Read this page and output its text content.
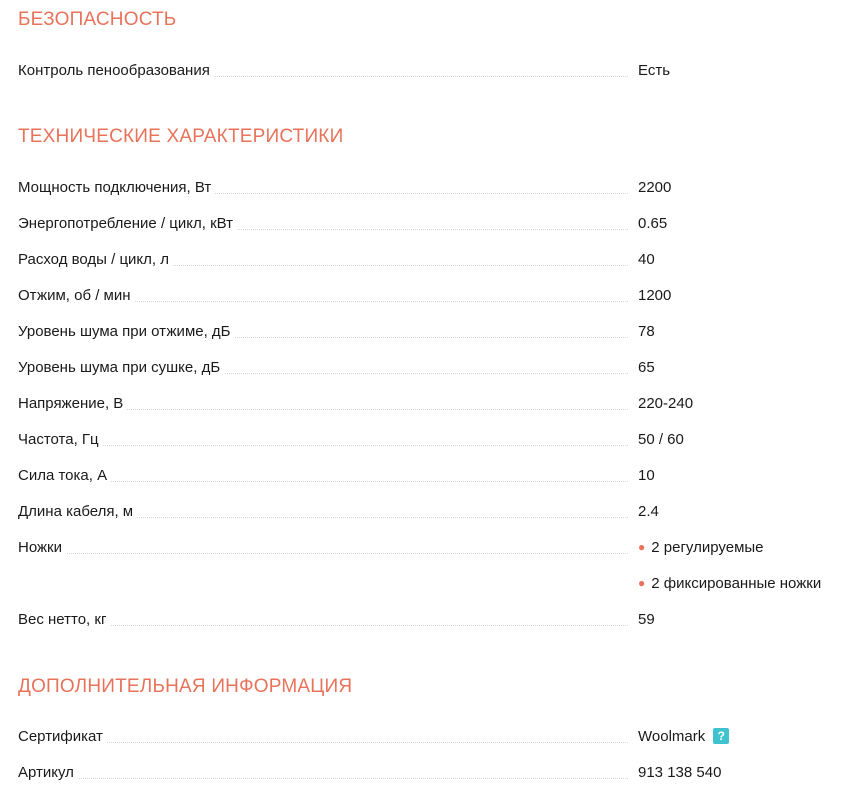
БЕЗОПАСНОСТЬ
Контроль пенообразования	Есть
ТЕХНИЧЕСКИЕ ХАРАКТЕРИСТИКИ
Мощность подключения, Вт	2200
Энергопотребление / цикл, кВт	0.65
Расход воды / цикл, л	40
Отжим, об / мин	1200
Уровень шума при отжиме, дБ	78
Уровень шума при сушке, дБ	65
Напряжение, В	220-240
Частота, Гц	50 / 60
Сила тока, А	10
Длина кабеля, м	2.4
Ножки	● 2 регулируемые
● 2 фиксированные ножки
Вес нетто, кг	59
ДОПОЛНИТЕЛЬНАЯ ИНФОРМАЦИЯ
Сертификат	Woolmark ?
Артикул	913 138 540
